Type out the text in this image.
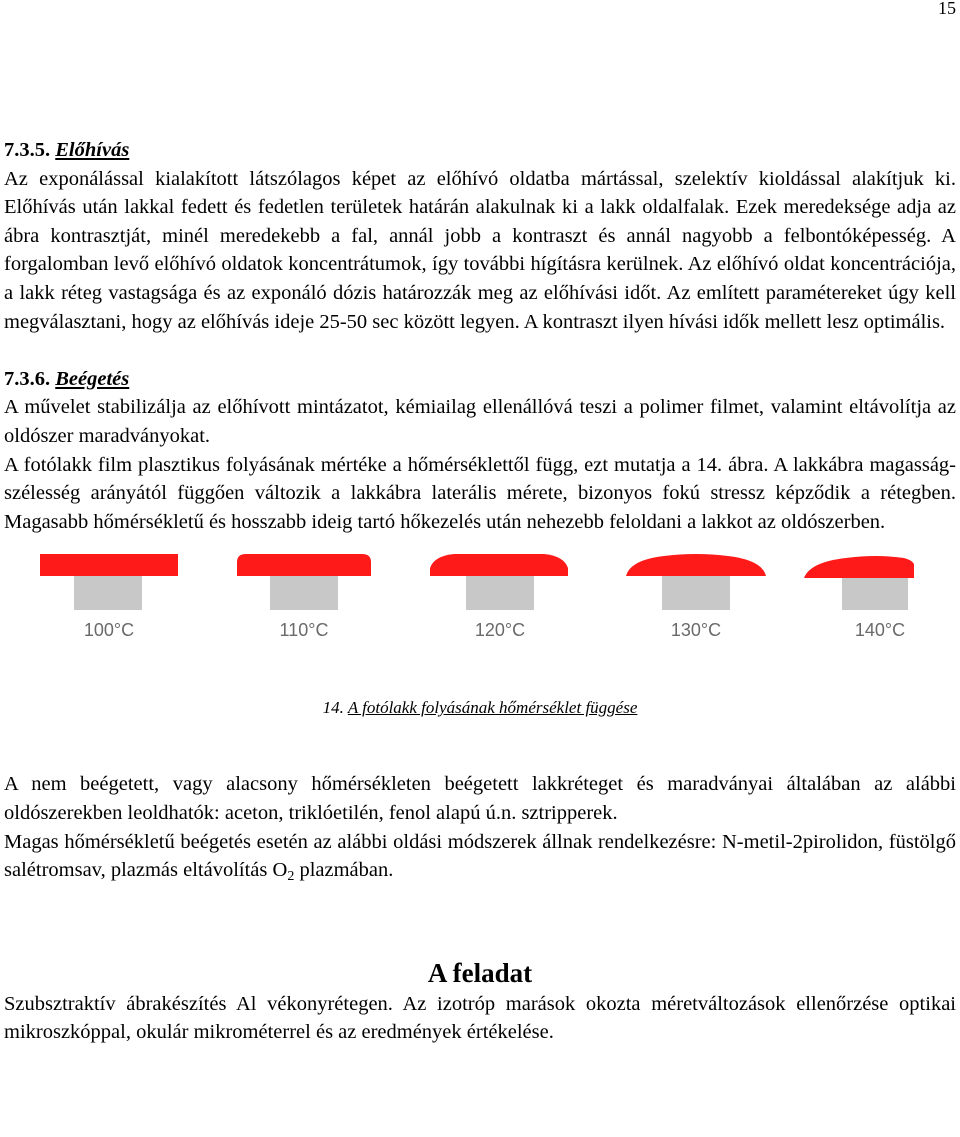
15

7.3.5. Előhívás

Az exponálással kialakított látszólagos képet az előhívó oldatba mártással, szelektív kioldással alakítjuk ki. Előhívás után lakkal fedett és fedetlen területek határán alakulnak ki a lakk oldalfalak. Ezek meredeksége adja az ábra kontrasztját, minél meredekebb a fal, annál jobb a kontraszt és annál nagyobb a felbontóképesség. A forgalomban levő előhívó oldatok koncentrátumok, így további hígításra kerülnek. Az előhívó oldat koncentrációja, a lakk réteg vastagsága és az exponáló dózis határozzák meg az előhívási időt. Az említett paramétereket úgy kell megválasztani, hogy az előhívás ideje 25-50 sec között legyen. A kontraszt ilyen hívási idők mellett lesz optimális.

7.3.6. Beégetés

A művelet stabilizálja az előhívott mintázatot, kémiailag ellenállóvá teszi a polimer filmet, valamint eltávolítja az oldószer maradványokat.

A fotólakk film plasztikus folyásának mértéke a hőmérséklettől függ, ezt mutatja a 14. ábra. A lakkábra magasság-szélesség arányától függően változik a lakkábra laterális mérete, bizonyos fokú stressz képződik a rétegben. Magasabb hőmérsékletű és hosszabb ideig tartó hőkezelés után nehezebb feloldani a lakkot az oldószerben.

100°C	110°C	120°C	130°C	140°C
14. A fotólakk folyásának hőmérséklet függése

A nem beégetett, vagy alacsony hőmérsékleten beégetett lakkréteget és maradványai általában az alábbi oldószerekben leoldhatók: aceton, triklóetilén, fenol alapú ú.n. sztripperek.

Magas hőmérsékletű beégetés esetén az alábbi oldási módszerek állnak rendelkezésre: N-metil-2pirolidon, füstölgő salétromsav, plazmás eltávolítás O2 plazmában.

A feladat

Szubsztraktív ábrakészítés Al vékonyrétegen. Az izotróp marások okozta méretváltozások ellenőrzése optikai mikroszkóppal, okulár mikrométerrel és az eredmények értékelése.
